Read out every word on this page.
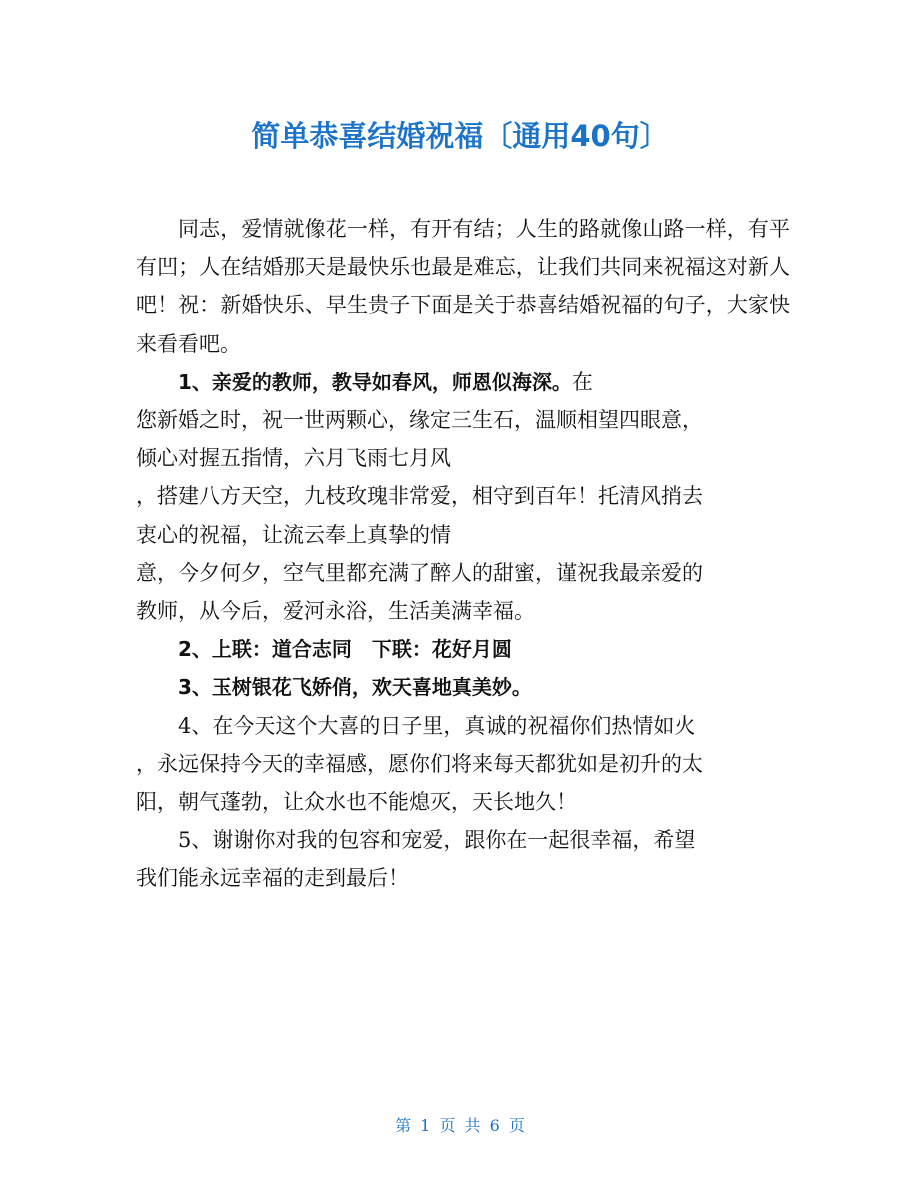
简单恭喜结婚祝福〔通用40句〕

同志，爱情就像花一样，有开有结；人生的路就像山路一样，有平有凹；人在结婚那天是最快乐也最是难忘，让我们共同来祝福这对新人吧！祝：新婚快乐、早生贵子下面是关于恭喜结婚祝福的句子，大家快来看看吧。

1、亲爱的教师，教导如春风，师恩似海深。在

您新婚之时，祝一世两颗心，缘定三生石，温顺相望四眼意，
倾心对握五指情，六月飞雨七月风
，搭建八方天空，九枝玫瑰非常爱，相守到百年！托清风捎去
衷心的祝福，让流云奉上真挚的情
意，今夕何夕，空气里都充满了醉人的甜蜜，谨祝我最亲爱的
教师，从今后，爱河永浴，生活美满幸福。

2、上联：道合志同　下联：花好月圆

3、玉树银花飞娇俏，欢天喜地真美妙。

4、在今天这个大喜的日子里，真诚的祝福你们热情如火

，永远保持今天的幸福感，愿你们将来每天都犹如是初升的太
阳，朝气蓬勃，让众水也不能熄灭，天长地久！

5、谢谢你对我的包容和宠爱，跟你在一起很幸福，希望

我们能永远幸福的走到最后！

第 1 页 共 6 页
